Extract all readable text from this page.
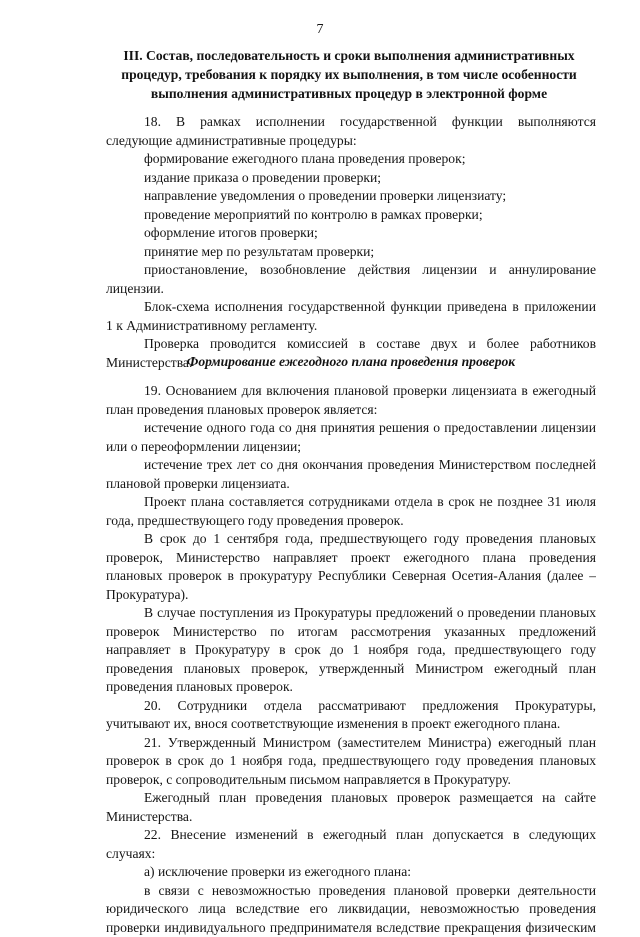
7
III. Состав, последовательность и сроки выполнения административных
процедур, требования к порядку их выполнения, в том числе особенности
выполнения административных процедур в электронной форме
18. В рамках исполнении государственной функции выполняются
следующие административные процедуры:
формирование ежегодного плана проведения проверок;
издание приказа о проведении проверки;
направление уведомления о проведении проверки лицензиату;
проведение мероприятий по контролю в рамках проверки;
оформление итогов проверки;
принятие мер по результатам проверки;
приостановление, возобновление действия лицензии и аннулирование
лицензии.
Блок-схема исполнения государственной функции приведена в приложении
1 к Административному регламенту.
Проверка проводится комиссией в составе двух и более работников
Министерства.
Формирование ежегодного плана проведения проверок
19. Основанием для включения плановой проверки лицензиата в ежегодный
план проведения плановых проверок является:
истечение одного года со дня принятия решения о предоставлении лицензии
или о переоформлении лицензии;
истечение трех лет со дня окончания проведения Министерством последней
плановой проверки лицензиата.
Проект плана составляется сотрудниками отдела в срок не позднее 31 июля
года, предшествующего году проведения проверок.
В срок до 1 сентября года, предшествующего году проведения плановых
проверок, Министерство направляет проект ежегодного плана проведения
плановых проверок в прокуратуру Республики Северная Осетия-Алания (далее –
Прокуратура).
В случае поступления из Прокуратуры предложений о проведении плановых
проверок Министерство по итогам рассмотрения указанных предложений
направляет в Прокуратуру в срок до 1 ноября года, предшествующего году
проведения плановых проверок, утвержденный Министром ежегодный план
проведения плановых проверок.
20. Сотрудники отдела рассматривают предложения Прокуратуры,
учитывают их, внося соответствующие изменения в проект ежегодного плана.
21. Утвержденный Министром (заместителем Министра) ежегодный план
проверок в срок до 1 ноября года, предшествующего году проведения плановых
проверок, с сопроводительным письмом направляется в Прокуратуру.
Ежегодный план проведения плановых проверок размещается на сайте
Министерства.
22. Внесение изменений в ежегодный план допускается в следующих
случаях:
а) исключение проверки из ежегодного плана:
в связи с невозможностью проведения плановой проверки деятельности
юридического лица вследствие его ликвидации, невозможностью проведения
проверки индивидуального предпринимателя вследствие прекращения физическим
